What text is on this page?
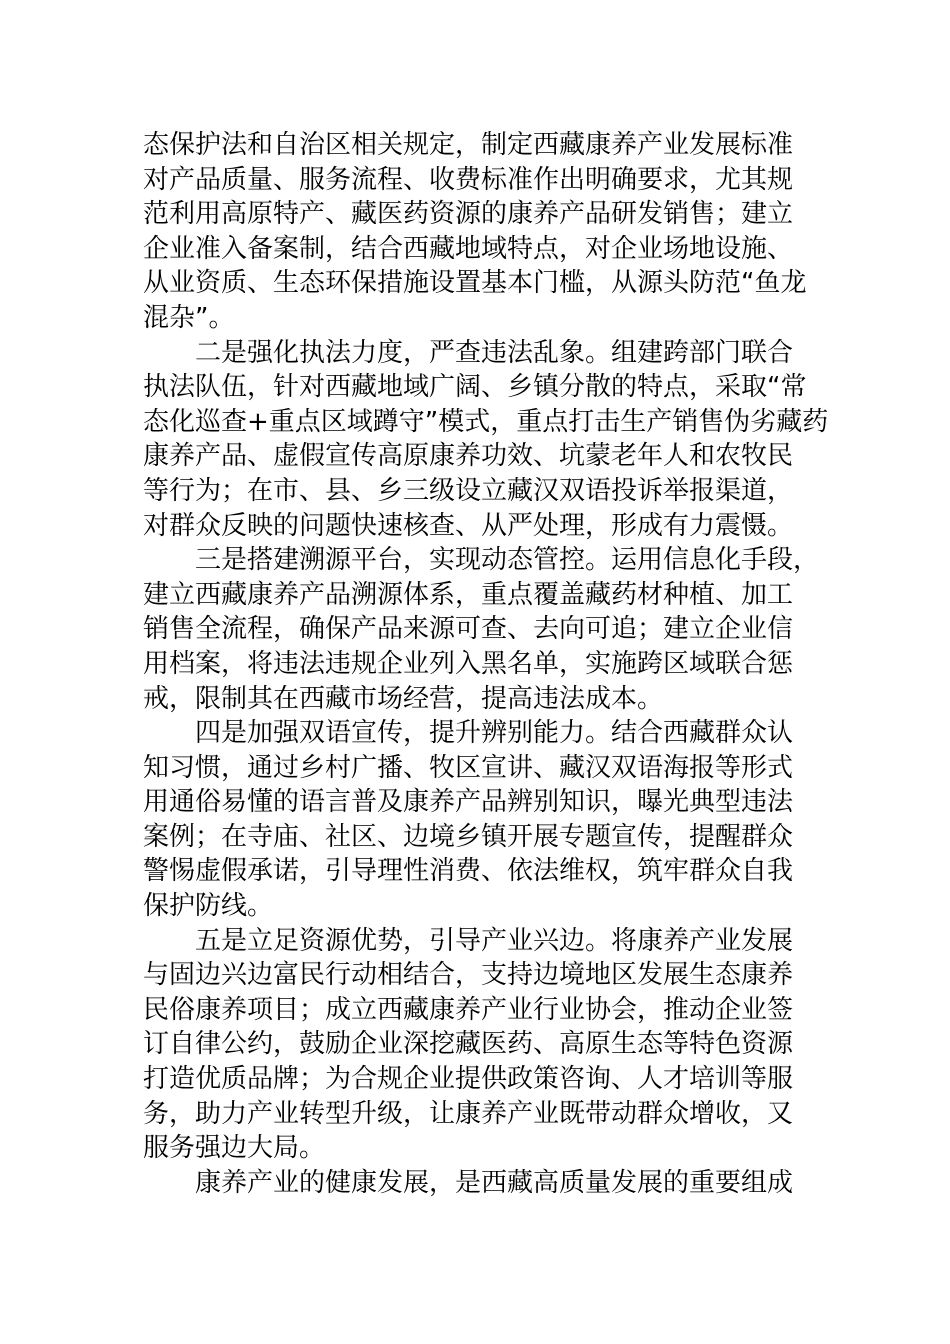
态保护法和自治区相关规定，制定西藏康养产业发展标准
对产品质量、服务流程、收费标准作出明确要求，尤其规
范利用高原特产、藏医药资源的康养产品研发销售；建立
企业准入备案制，结合西藏地域特点，对企业场地设施、
从业资质、生态环保措施设置基本门槛，从源头防范“鱼龙
混杂”。
二是强化执法力度，严查违法乱象。组建跨部门联合
执法队伍，针对西藏地域广阔、乡镇分散的特点，采取“常
态化巡查+重点区域蹲守”模式，重点打击生产销售伪劣藏药
康养产品、虚假宣传高原康养功效、坑蒙老年人和农牧民
等行为；在市、县、乡三级设立藏汉双语投诉举报渠道，
对群众反映的问题快速核查、从严处理，形成有力震慑。
三是搭建溯源平台，实现动态管控。运用信息化手段，
建立西藏康养产品溯源体系，重点覆盖藏药材种植、加工
销售全流程，确保产品来源可查、去向可追；建立企业信
用档案，将违法违规企业列入黑名单，实施跨区域联合惩
戒，限制其在西藏市场经营，提高违法成本。
四是加强双语宣传，提升辨别能力。结合西藏群众认
知习惯，通过乡村广播、牧区宣讲、藏汉双语海报等形式
用通俗易懂的语言普及康养产品辨别知识，曝光典型违法
案例；在寺庙、社区、边境乡镇开展专题宣传，提醒群众
警惕虚假承诺，引导理性消费、依法维权，筑牢群众自我
保护防线。
五是立足资源优势，引导产业兴边。将康养产业发展
与固边兴边富民行动相结合，支持边境地区发展生态康养
民俗康养项目；成立西藏康养产业行业协会，推动企业签
订自律公约，鼓励企业深挖藏医药、高原生态等特色资源
打造优质品牌；为合规企业提供政策咨询、人才培训等服
务，助力产业转型升级，让康养产业既带动群众增收，又
服务强边大局。
康养产业的健康发展，是西藏高质量发展的重要组成
